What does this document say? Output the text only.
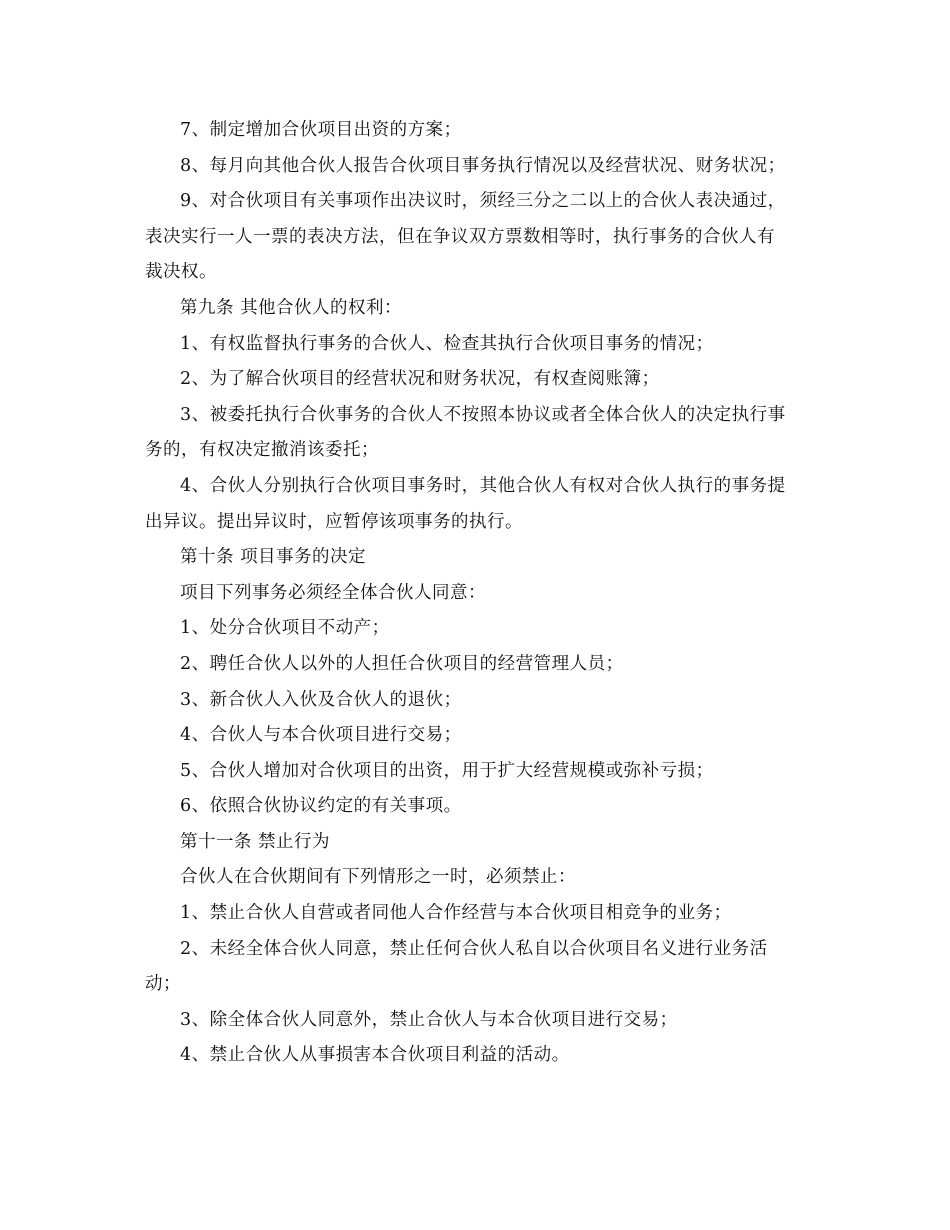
7、制定增加合伙项目出资的方案；
8、每月向其他合伙人报告合伙项目事务执行情况以及经营状况、财务状况；
9、对合伙项目有关事项作出决议时，须经三分之二以上的合伙人表决通过，
表决实行一人一票的表决方法，但在争议双方票数相等时，执行事务的合伙人有
裁决权。
第九条 其他合伙人的权利：
1、有权监督执行事务的合伙人、检查其执行合伙项目事务的情况；
2、为了解合伙项目的经营状况和财务状况，有权查阅账簿；
3、被委托执行合伙事务的合伙人不按照本协议或者全体合伙人的决定执行事
务的，有权决定撤消该委托；
4、合伙人分别执行合伙项目事务时，其他合伙人有权对合伙人执行的事务提
出异议。提出异议时，应暂停该项事务的执行。
第十条 项目事务的决定
项目下列事务必须经全体合伙人同意：
1、处分合伙项目不动产；
2、聘任合伙人以外的人担任合伙项目的经营管理人员；
3、新合伙人入伙及合伙人的退伙；
4、合伙人与本合伙项目进行交易；
5、合伙人增加对合伙项目的出资，用于扩大经营规模或弥补亏损；
6、依照合伙协议约定的有关事项。
第十一条 禁止行为
合伙人在合伙期间有下列情形之一时，必须禁止：
1、禁止合伙人自营或者同他人合作经营与本合伙项目相竞争的业务；
2、未经全体合伙人同意，禁止任何合伙人私自以合伙项目名义进行业务活
动；
3、除全体合伙人同意外，禁止合伙人与本合伙项目进行交易；
4、禁止合伙人从事损害本合伙项目利益的活动。
